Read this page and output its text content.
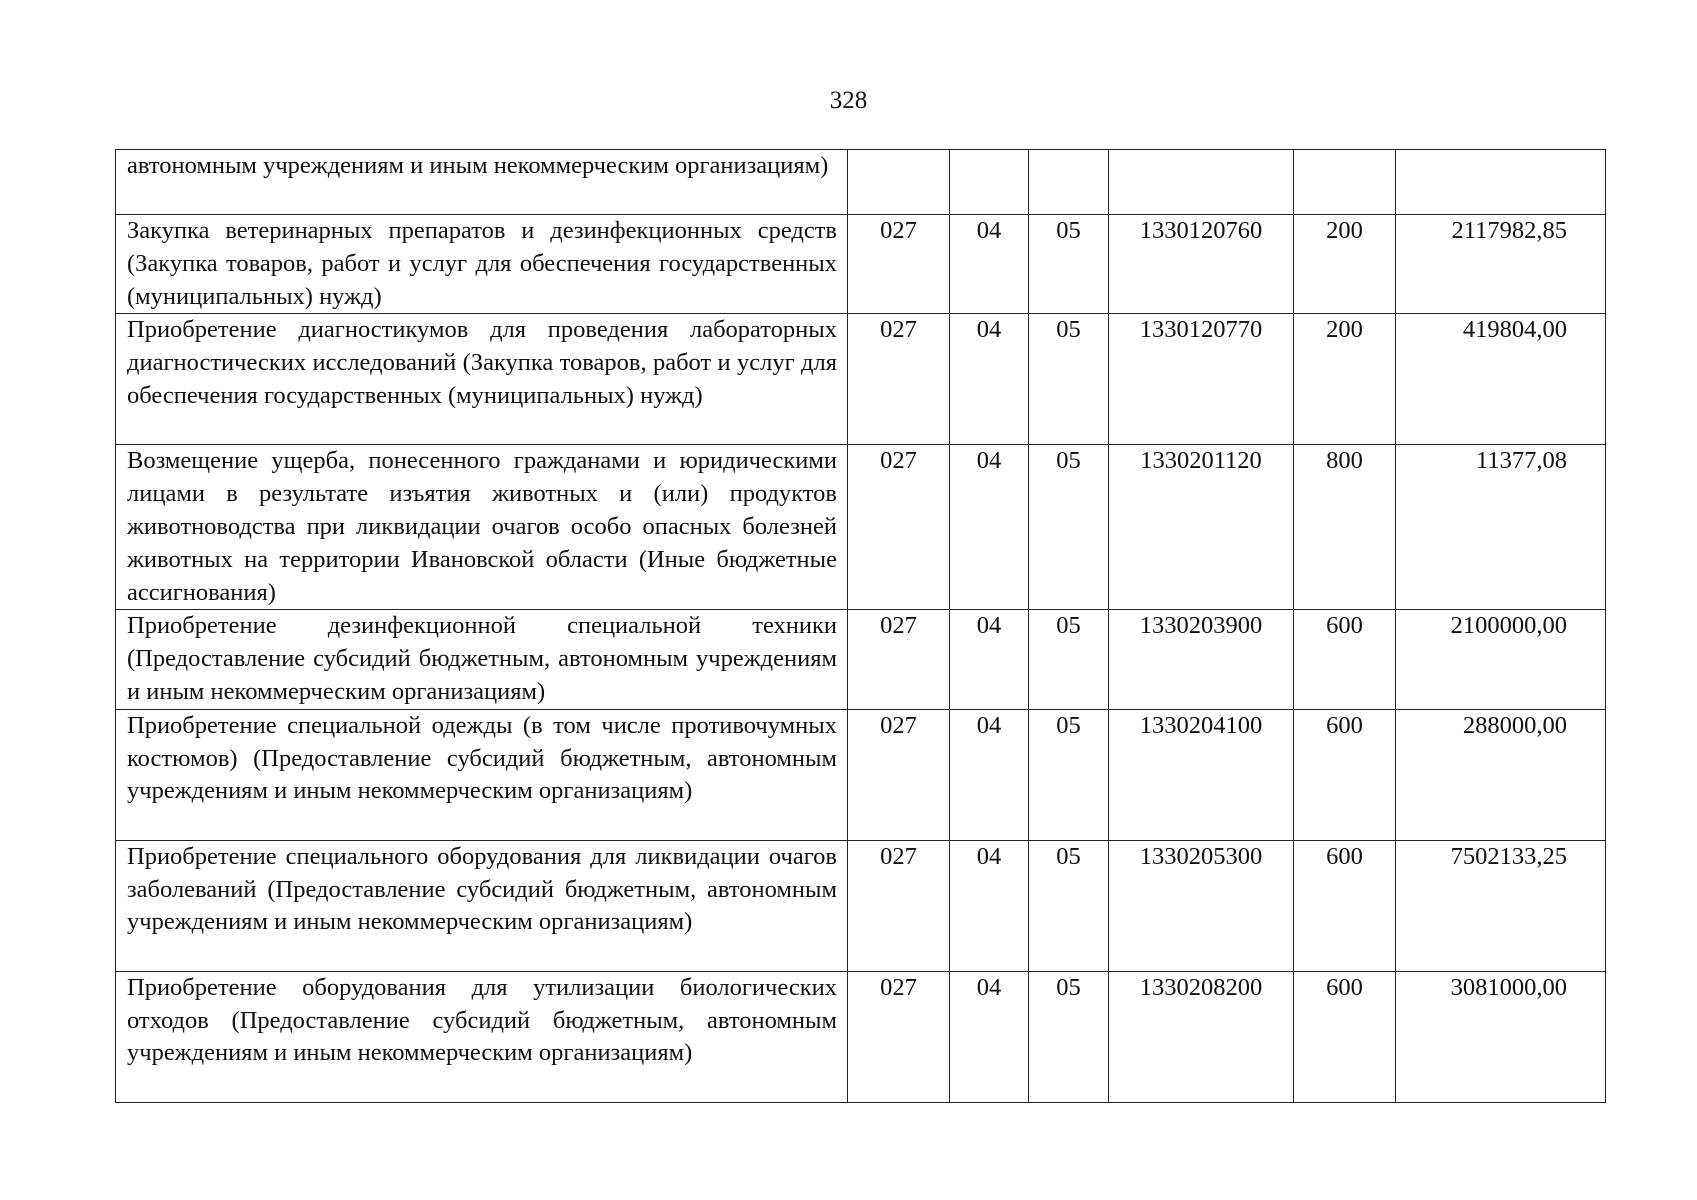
328
автономным учреждениям и иным некоммерческим организациям)						

Закупка ветеринарных препаратов и дезинфекционных средств (Закупка товаров, работ и услуг для обеспечения государственных (муниципальных) нужд)	027	04	05	1330120760	200	2117982,85

Приобретение диагностикумов для проведения лабораторных диагностических исследований (Закупка товаров, работ и услуг для обеспечения государственных (муниципальных) нужд)	027	04	05	1330120770	200	419804,00

Возмещение ущерба, понесенного гражданами и юридическими лицами в результате изъятия животных и (или) продуктов животноводства при ликвидации очагов особо опасных болезней животных на территории Ивановской области (Иные бюджетные ассигнования)	027	04	05	1330201120	800	11377,08

Приобретение дезинфекционной специальной техники (Предоставление субсидий бюджетным, автономным учреждениям и иным некоммерческим организациям)	027	04	05	1330203900	600	2100000,00

Приобретение специальной одежды (в том числе противочумных костюмов) (Предоставление субсидий бюджетным, автономным учреждениям и иным некоммерческим организациям)	027	04	05	1330204100	600	288000,00

Приобретение специального оборудования для ликвидации очагов заболеваний (Предоставление субсидий бюджетным, автономным учреждениям и иным некоммерческим организациям)	027	04	05	1330205300	600	7502133,25

Приобретение оборудования для утилизации биологических отходов (Предоставление субсидий бюджетным, автономным учреждениям и иным некоммерческим организациям)	027	04	05	1330208200	600	3081000,00
